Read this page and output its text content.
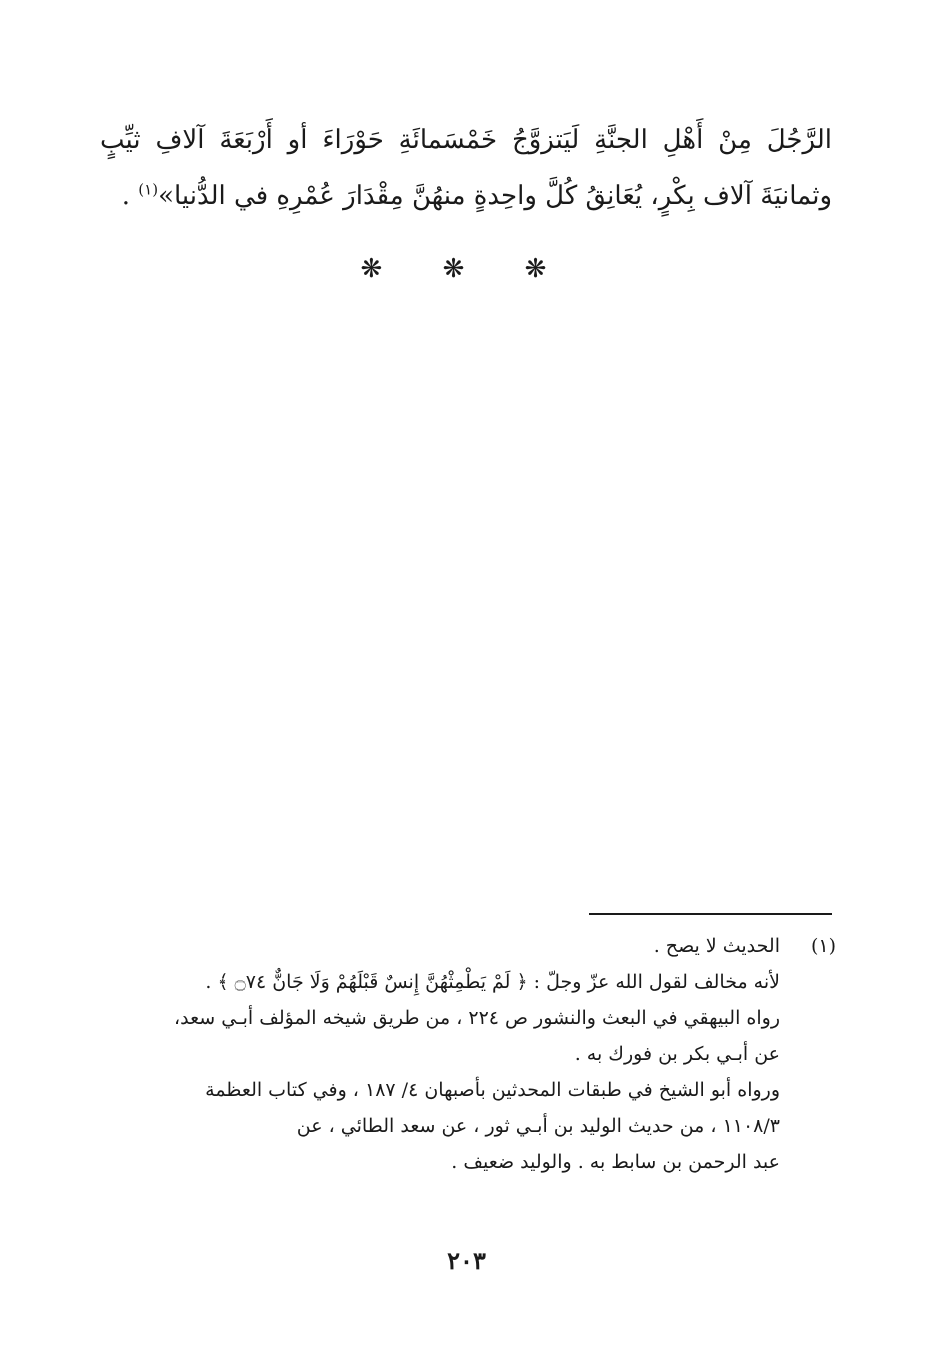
الرَّجُلَ مِنْ أَهْلِ الجنَّةِ لَيَتزوَّجُ خَمْسَمائَةِ حَوْرَاءَ أو أَرْبَعَةَ آلافِ ثيِّبٍ وثمانيَةَ آلاف بِكْرٍ، يُعَانِقُ كُلَّ واحِدةٍ منهُنَّ مِقْدَارَ عُمْرِهِ في الدُّنيا»$^{(١)}$ .

❋ ❋ ❋
(١)
الحديث لا يصح .
لأنه مخالف لقول الله عزّ وجلّ : ﴿ لَمْ يَطْمِثْهُنَّ إِنسٌ قَبْلَهُمْ وَلَا جَانٌّ ۝٧٤ ﴾ .
رواه البيهقي في البعث والنشور ص ٢٢٤ ، من طريق شيخه المؤلف أبـي سعد،
عن أبـي بكر بن فورك به .
ورواه أبو الشيخ في طبقات المحدثين بأصبهان ٤/ ١٨٧ ، وفي كتاب العظمة
١١٠٨/٣ ، من حديث الوليد بن أبـي ثور ، عن سعد الطائي ، عن
عبد الرحمن بن سابط به . والوليد ضعيف .
٢٠٣
